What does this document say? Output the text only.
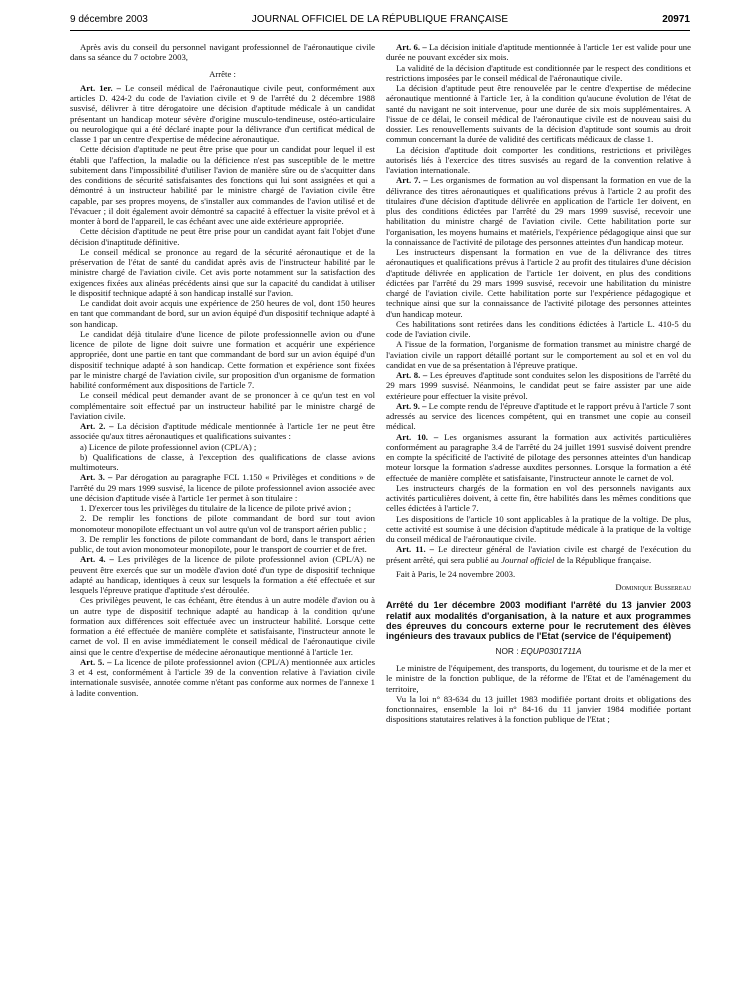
9 décembre 2003	JOURNAL OFFICIEL DE LA RÉPUBLIQUE FRANÇAISE	20971

Après avis du conseil du personnel navigant professionnel de l'aéronautique civile dans sa séance du 7 octobre 2003,

Arrête :

Art. 1er. – Le conseil médical de l'aéronautique civile peut, conformément aux articles D. 424-2 du code de l'aviation civile et 9 de l'arrêté du 2 décembre 1988 susvisé, délivrer à titre dérogatoire une décision d'aptitude médicale à un candidat présentant un handicap moteur sévère d'origine musculo-tendineuse, ostéo-articulaire ou neurologique qui a été déclaré inapte pour la délivrance d'un certificat médical de classe 1 par un centre d'expertise de médecine aéronautique.

Cette décision d'aptitude ne peut être prise que pour un candidat pour lequel il est établi que l'affection, la maladie ou la déficience n'est pas susceptible de le mettre subitement dans l'impossibilité d'utiliser l'avion de manière sûre ou de s'acquitter dans des conditions de sécurité satisfaisantes des fonctions qui lui sont assignées et qui a démontré à un instructeur habilité par le ministre chargé de l'aviation civile être capable, par ses propres moyens, de s'installer aux commandes de l'avion utilisé et de l'évacuer ; il doit également avoir démontré sa capacité à effectuer la visite prévol et à monter à bord de l'appareil, le cas échéant avec une aide extérieure appropriée.

Cette décision d'aptitude ne peut être prise pour un candidat ayant fait l'objet d'une décision d'inaptitude définitive.

Le conseil médical se prononce au regard de la sécurité aéronautique et de la préservation de l'état de santé du candidat après avis de l'instructeur habilité par le ministre chargé de l'aviation civile. Cet avis porte notamment sur la satisfaction des exigences fixées aux alinéas précédents ainsi que sur la capacité du candidat à utiliser le dispositif technique adapté à son handicap installé sur l'avion.

Le candidat doit avoir acquis une expérience de 250 heures de vol, dont 150 heures en tant que commandant de bord, sur un avion équipé d'un dispositif technique adapté à son handicap.

Le candidat déjà titulaire d'une licence de pilote professionnelle avion ou d'une licence de pilote de ligne doit suivre une formation et acquérir une expérience appropriée, dont une partie en tant que commandant de bord sur un avion équipé d'un dispositif technique adapté à son handicap. Cette formation et expérience sont fixées par le ministre chargé de l'aviation civile, sur proposition d'un organisme de formation habilité conformément aux dispositions de l'article 7.

Le conseil médical peut demander avant de se prononcer à ce qu'un test en vol complémentaire soit effectué par un instructeur habilité par le ministre chargé de l'aviation civile.

Art. 2. – La décision d'aptitude médicale mentionnée à l'article 1er ne peut être associée qu'aux titres aéronautiques et qualifications suivantes :

a) Licence de pilote professionnel avion (CPL/A) ;

b) Qualifications de classe, à l'exception des qualifications de classe avions multimoteurs.

Art. 3. – Par dérogation au paragraphe FCL 1.150 « Privilèges et conditions » de l'arrêté du 29 mars 1999 susvisé, la licence de pilote professionnel avion associée avec une décision d'aptitude visée à l'article 1er permet à son titulaire :

1. D'exercer tous les privilèges du titulaire de la licence de pilote privé avion ;

2. De remplir les fonctions de pilote commandant de bord sur tout avion monomoteur monopilote effectuant un vol autre qu'un vol de transport aérien public ;

3. De remplir les fonctions de pilote commandant de bord, dans le transport aérien public, de tout avion monomoteur monopilote, pour le transport de courrier et de fret.

Art. 4. – Les privilèges de la licence de pilote professionnel avion (CPL/A) ne peuvent être exercés que sur un modèle d'avion doté d'un type de dispositif technique adapté au handicap, identiques à ceux sur lesquels la formation a été effectuée et sur lesquels l'épreuve pratique d'aptitude s'est déroulée.

Ces privilèges peuvent, le cas échéant, être étendus à un autre modèle d'avion ou à un autre type de dispositif technique adapté au handicap à la condition qu'une formation aux différences soit effectuée avec un instructeur habilité. Lorsque cette formation a été effectuée de manière complète et satisfaisante, l'instructeur annote le carnet de vol. Il en avise immédiatement le conseil médical de l'aéronautique civile ainsi que le centre d'expertise de médecine aéronautique mentionné à l'article 1er.

Art. 5. – La licence de pilote professionnel avion (CPL/A) mentionnée aux articles 3 et 4 est, conformément à l'article 39 de la convention relative à l'aviation civile internationale susvisée, annotée comme n'étant pas conforme aux normes de l'annexe 1 à ladite convention.

Art. 6. – La décision initiale d'aptitude mentionnée à l'article 1er est valide pour une durée ne pouvant excéder six mois.

La validité de la décision d'aptitude est conditionnée par le respect des conditions et restrictions imposées par le conseil médical de l'aéronautique civile.

La décision d'aptitude peut être renouvelée par le centre d'expertise de médecine aéronautique mentionné à l'article 1er, à la condition qu'aucune évolution de l'état de santé du navigant ne soit intervenue, pour une durée de six mois supplémentaires. A l'issue de ce délai, le conseil médical de l'aéronautique civile est de nouveau saisi du dossier. Les renouvellements suivants de la décision d'aptitude sont soumis au droit commun concernant la durée de validité des certificats médicaux de classe 1.

La décision d'aptitude doit comporter les conditions, restrictions et privilèges autorisés liés à l'exercice des titres susvisés au regard de la convention relative à l'aviation internationale.

Art. 7. – Les organismes de formation au vol dispensant la formation en vue de la délivrance des titres aéronautiques et qualifications prévus à l'article 2 au profit des titulaires d'une décision d'aptitude délivrée en application de l'article 1er doivent, en plus des conditions édictées par l'arrêté du 29 mars 1999 susvisé, recevoir une habilitation du ministre chargé de l'aviation civile. Cette habilitation porte sur l'organisation, les moyens humains et matériels, l'expérience pédagogique ainsi que sur la connaissance de l'activité de pilotage des personnes atteintes d'un handicap moteur.

Les instructeurs dispensant la formation en vue de la délivrance des titres aéronautiques et qualifications prévus à l'article 2 au profit des titulaires d'une décision d'aptitude délivrée en application de l'article 1er doivent, en plus des conditions édictées par l'arrêté du 29 mars 1999 susvisé, recevoir une habilitation du ministre chargé de l'aviation civile. Cette habilitation porte sur l'expérience pédagogique et technique ainsi que sur la connaissance de l'activité pilotage des personnes atteintes d'un handicap moteur.

Ces habilitations sont retirées dans les conditions édictées à l'article L. 410-5 du code de l'aviation civile.

A l'issue de la formation, l'organisme de formation transmet au ministre chargé de l'aviation civile un rapport détaillé portant sur le comportement au sol et en vol du candidat en vue de sa présentation à l'épreuve pratique.

Art. 8. – Les épreuves d'aptitude sont conduites selon les dispositions de l'arrêté du 29 mars 1999 susvisé. Néanmoins, le candidat peut se faire assister par une aide extérieure pour effectuer la visite prévol.

Art. 9. – Le compte rendu de l'épreuve d'aptitude et le rapport prévu à l'article 7 sont adressés au service des licences compétent, qui en transmet une copie au conseil médical.

Art. 10. – Les organismes assurant la formation aux activités particulières conformément au paragraphe 3.4 de l'arrêté du 24 juillet 1991 susvisé doivent prendre en compte la spécificité de l'activité de pilotage des personnes atteintes d'un handicap moteur lorsque la formation s'adresse auxdites personnes. Lorsque la formation a été effectuée de manière complète et satisfaisante, l'instructeur annote le carnet de vol.

Les instructeurs chargés de la formation en vol des personnels navigants aux activités particulières doivent, à cette fin, être habilités dans les mêmes conditions que celles édictées à l'article 7.

Les dispositions de l'article 10 sont applicables à la pratique de la voltige. De plus, cette activité est soumise à une décision d'aptitude médicale à la pratique de la voltige du conseil médical de l'aéronautique civile.

Art. 11. – Le directeur général de l'aviation civile est chargé de l'exécution du présent arrêté, qui sera publié au Journal officiel de la République française.

Fait à Paris, le 24 novembre 2003.

Dominique Bussereau

Arrêté du 1er décembre 2003 modifiant l'arrêté du 13 janvier 2003 relatif aux modalités d'organisation, à la nature et aux programmes des épreuves du concours externe pour le recrutement des élèves ingénieurs des travaux publics de l'Etat (service de l'équipement)
NOR : EQUP0301711A

Le ministre de l'équipement, des transports, du logement, du tourisme et de la mer et le ministre de la fonction publique, de la réforme de l'Etat et de l'aménagement du territoire,

Vu la loi n° 83-634 du 13 juillet 1983 modifiée portant droits et obligations des fonctionnaires, ensemble la loi n° 84-16 du 11 janvier 1984 modifiée portant dispositions statutaires relatives à la fonction publique de l'Etat ;
